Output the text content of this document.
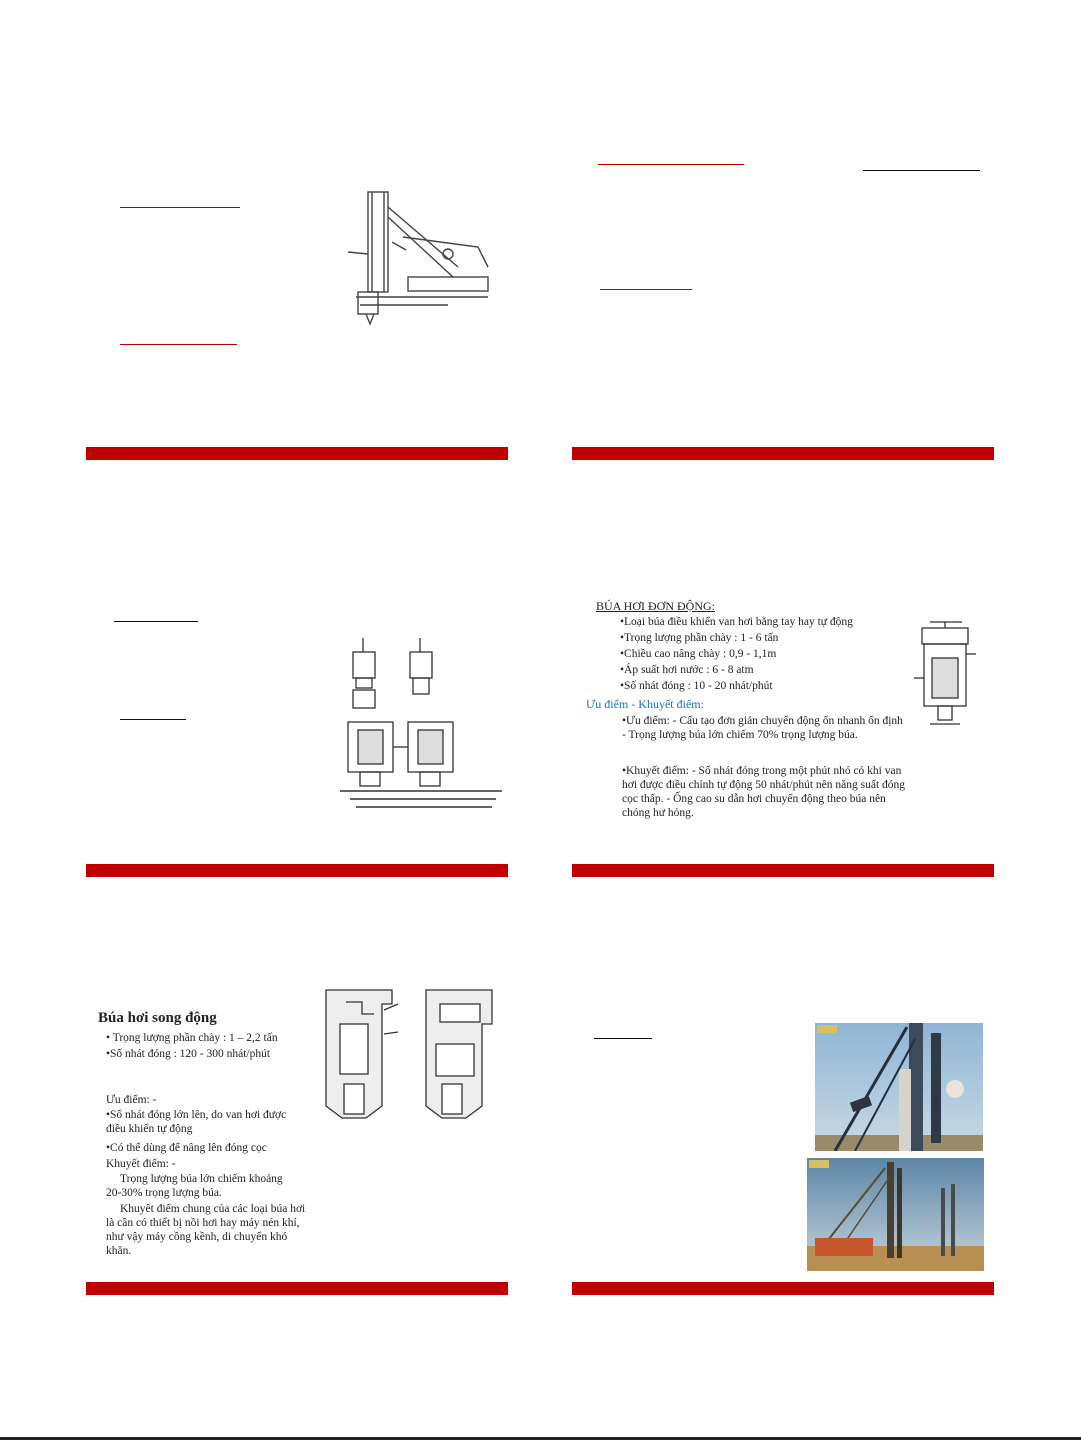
BÚA HƠI ĐƠN ĐỘNG:
•Loại búa điều khiển van hơi bằng tay hay tự động
•Trọng lượng phần chày : 1 - 6 tấn
•Chiều cao nâng chày : 0,9 - 1,1m
•Áp suất hơi nước : 6 - 8 atm
•Số nhát đóng : 10 - 20 nhát/phút
Ưu điểm - Khuyết điểm:
•Ưu điểm: - Cấu tạo đơn giản chuyển động ổn nhanh ổn định - Trọng lượng búa lớn chiếm 70% trọng lượng búa.
•Khuyết điểm: - Số nhát đóng trong một phút nhỏ có khi van hơi được điều chỉnh tự động 50 nhát/phút nên năng suất đóng cọc thấp. - Ống cao su dẫn hơi chuyển động theo búa nên chóng hư hỏng.
Búa hơi song động
• Trọng lượng phần chày : 1 – 2,2 tấn
•Số nhát đóng : 120 - 300 nhát/phút
Ưu điểm: -
•Số nhát đóng lớn lên, do van hơi được điều khiển tự động
•Có thể dùng để nâng lên đóng cọc
Khuyết điểm: -
Trọng lượng búa lớn chiếm khoảng 20-30% trọng lượng búa.
Khuyết điểm chung của các loại búa hơi là cần có thiết bị nồi hơi hay máy nén khí, như vậy máy cồng kềnh, di chuyển khó khăn.
